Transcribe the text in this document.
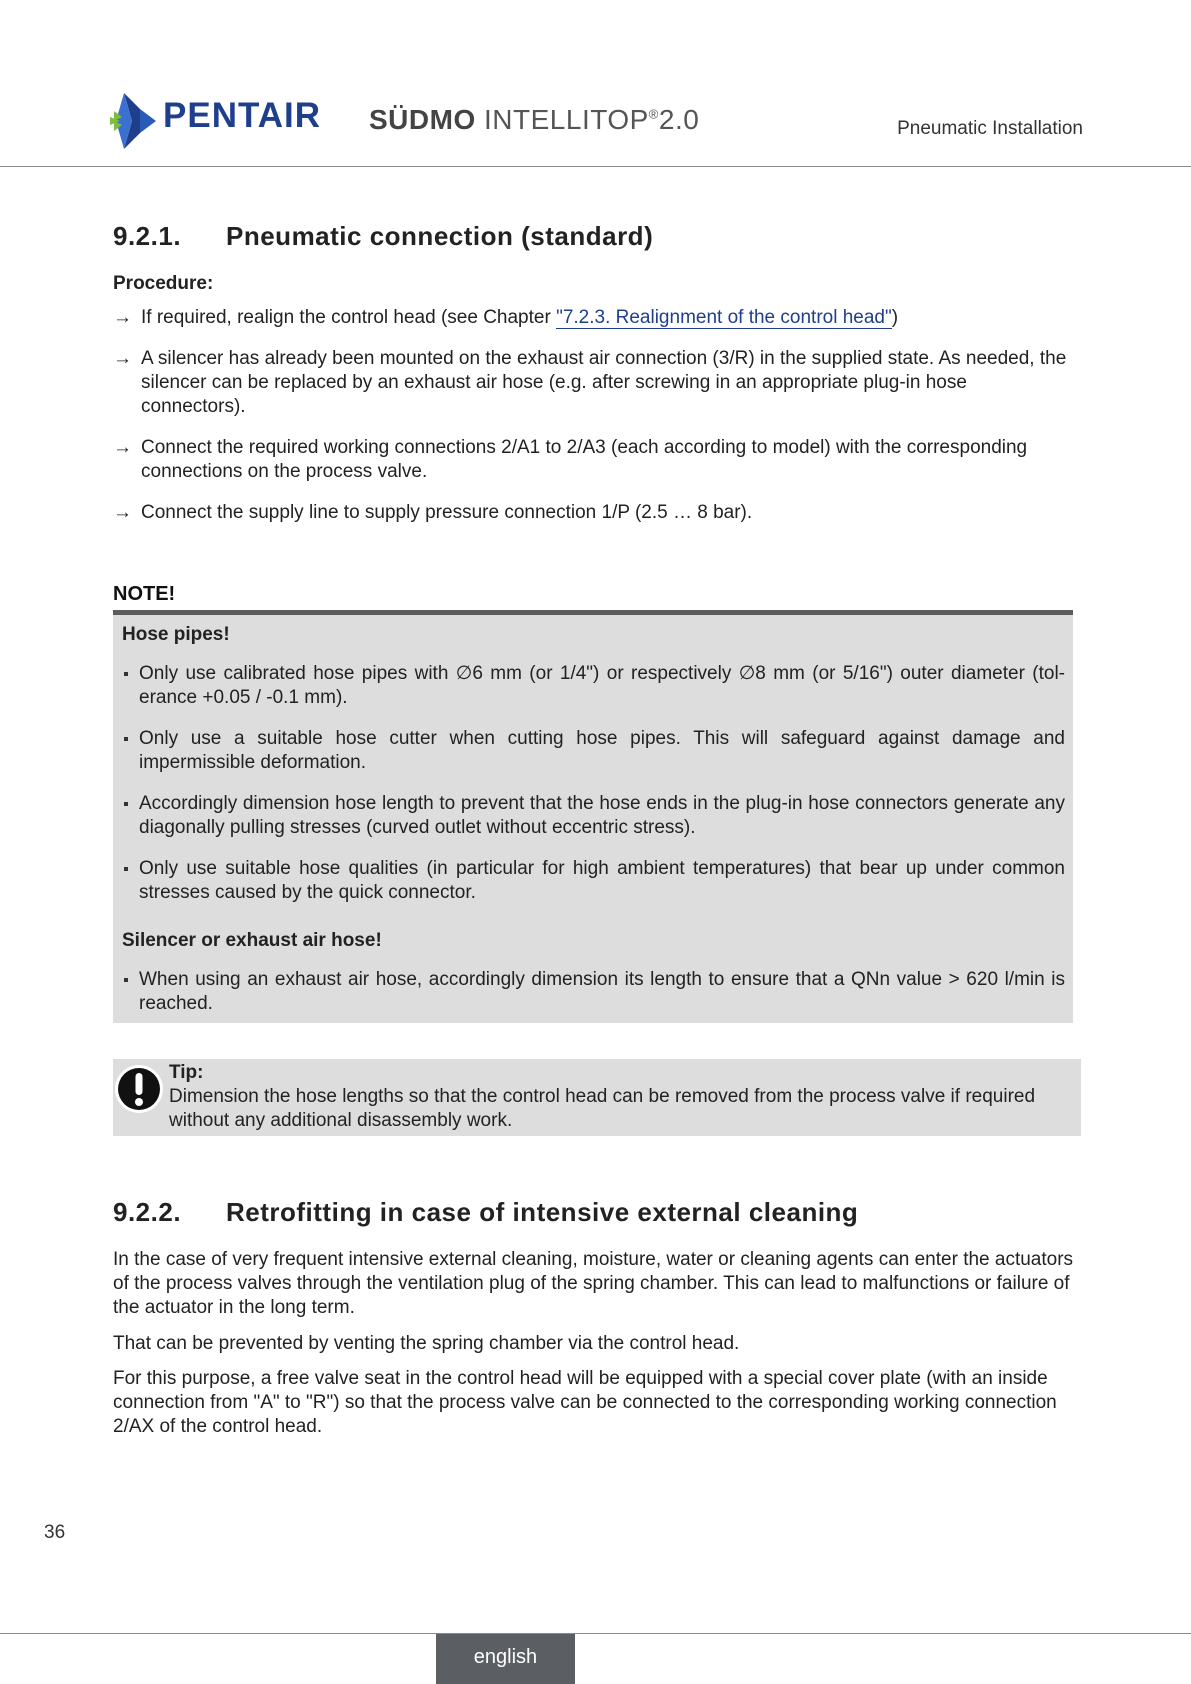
PENTAIR SÜDMO INTELLITOP®2.0	Pneumatic Installation
9.2.1. Pneumatic connection (standard)
Procedure:
→ If required, realign the control head (see Chapter "7.2.3. Realignment of the control head")
→ A silencer has already been mounted on the exhaust air connection (3/R) in the supplied state. As needed, the silencer can be replaced by an exhaust air hose (e.g. after screwing in an appropriate plug-in hose connectors).
→ Connect the required working connections 2/A1 to 2/A3 (each according to model) with the corresponding connections on the process valve.
→ Connect the supply line to supply pressure connection 1/P (2.5 … 8 bar).
NOTE!
Hose pipes!
Only use calibrated hose pipes with ∅6 mm (or 1/4") or respectively ∅8 mm (or 5/16") outer diameter (tol-erance +0.05 / -0.1 mm).
Only use a suitable hose cutter when cutting hose pipes. This will safeguard against damage and impermissible deformation.
Accordingly dimension hose length to prevent that the hose ends in the plug-in hose connectors generate any diagonally pulling stresses (curved outlet without eccentric stress).
Only use suitable hose qualities (in particular for high ambient temperatures) that bear up under common stresses caused by the quick connector.
Silencer or exhaust air hose!
When using an exhaust air hose, accordingly dimension its length to ensure that a QNn value > 620 l/min is reached.
Tip:
Dimension the hose lengths so that the control head can be removed from the process valve if required without any additional disassembly work.
9.2.2. Retrofitting in case of intensive external cleaning
In the case of very frequent intensive external cleaning, moisture, water or cleaning agents can enter the actuators of the process valves through the ventilation plug of the spring chamber. This can lead to malfunctions or failure of the actuator in the long term.
That can be prevented by venting the spring chamber via the control head.
For this purpose, a free valve seat in the control head will be equipped with a special cover plate (with an inside connection from "A" to "R") so that the process valve can be connected to the corresponding working connection 2/AX of the control head.
36
english
